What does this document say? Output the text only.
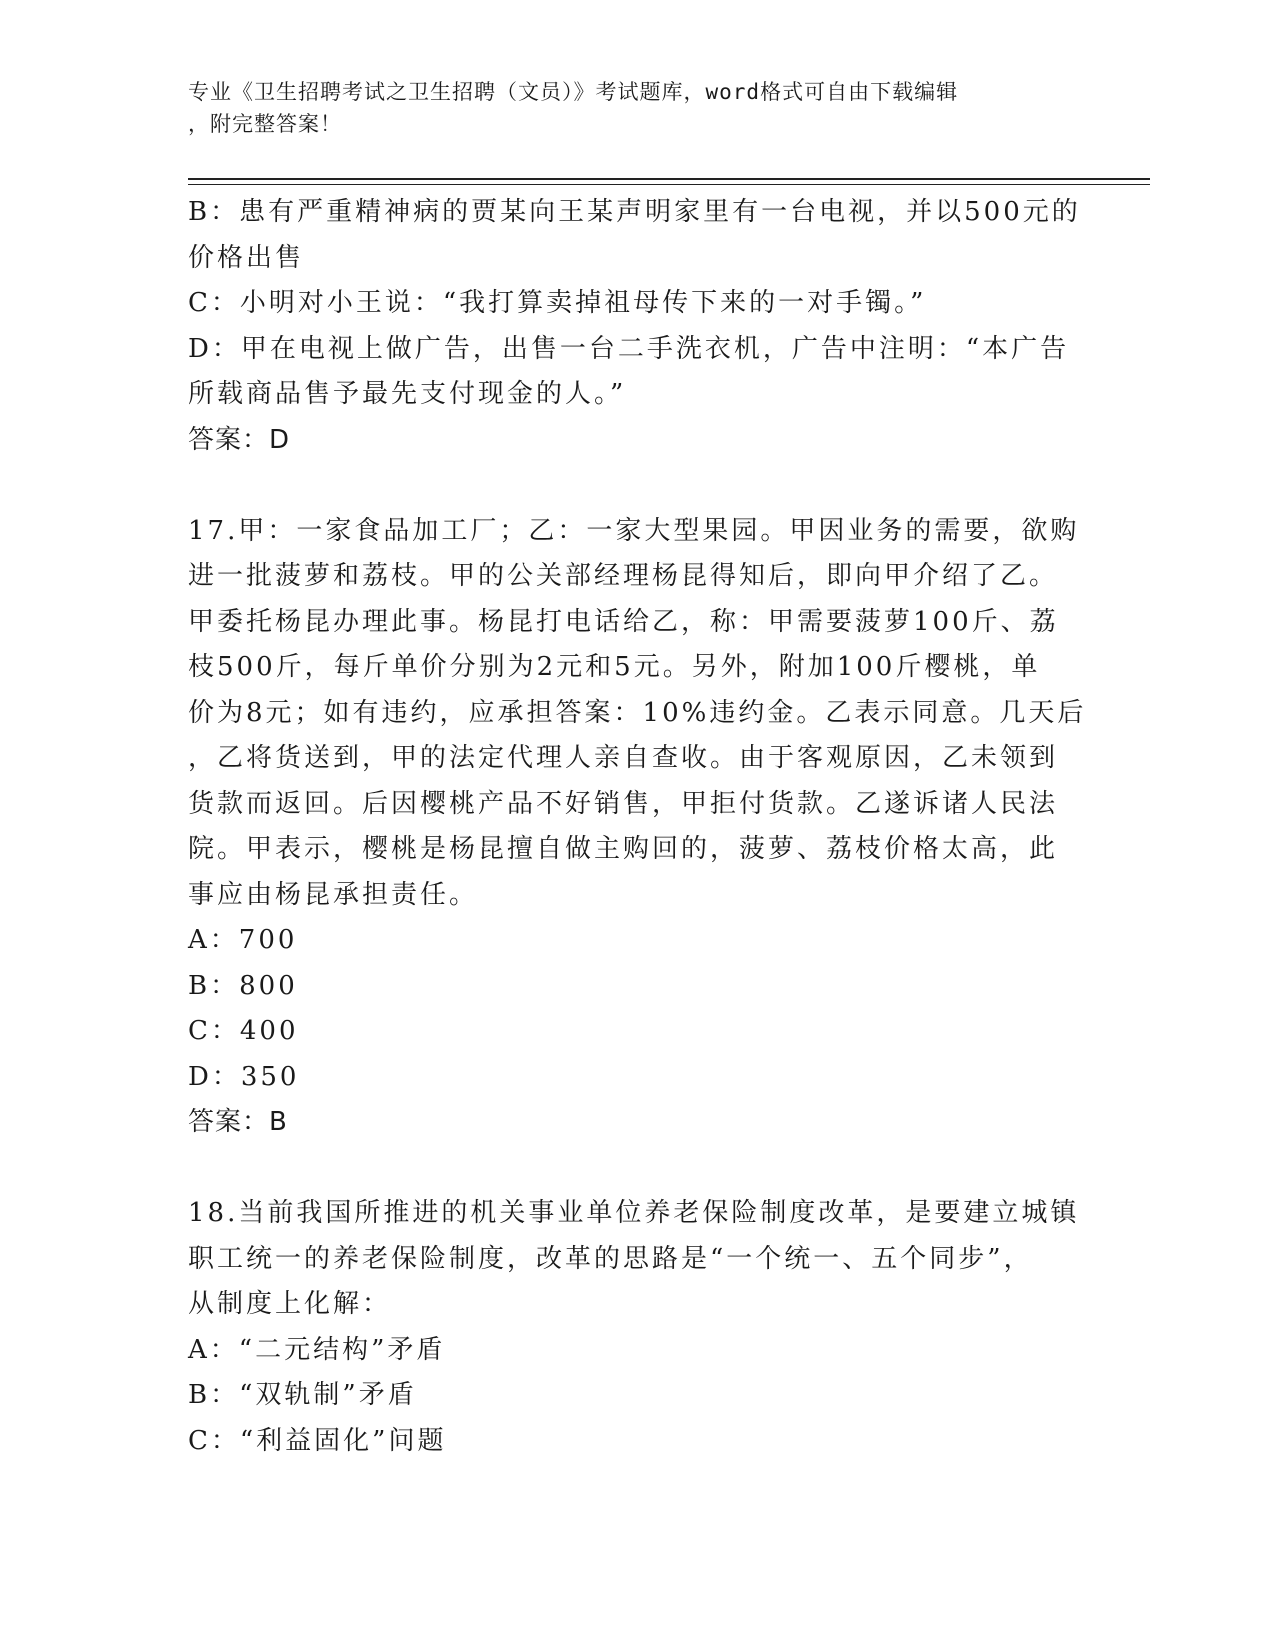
专业《卫生招聘考试之卫生招聘（文员）》考试题库，word格式可自由下载编辑
，附完整答案！
B：患有严重精神病的贾某向王某声明家里有一台电视，并以500元的
价格出售
C：小明对小王说：“我打算卖掉祖母传下来的一对手镯。”
D：甲在电视上做广告，出售一台二手洗衣机，广告中注明：“本广告
所载商品售予最先支付现金的人。”
答案：D
17.甲：一家食品加工厂；乙：一家大型果园。甲因业务的需要，欲购
进一批菠萝和荔枝。甲的公关部经理杨昆得知后，即向甲介绍了乙。
甲委托杨昆办理此事。杨昆打电话给乙，称：甲需要菠萝100斤、荔
枝500斤，每斤单价分别为2元和5元。另外，附加100斤樱桃，单
价为8元；如有违约，应承担答案：10%违约金。乙表示同意。几天后
，乙将货送到，甲的法定代理人亲自查收。由于客观原因，乙未领到
货款而返回。后因樱桃产品不好销售，甲拒付货款。乙遂诉诸人民法
院。甲表示，樱桃是杨昆擅自做主购回的，菠萝、荔枝价格太高，此
事应由杨昆承担责任。
A：700
B：800
C：400
D：350
答案：B
18.当前我国所推进的机关事业单位养老保险制度改革，是要建立城镇
职工统一的养老保险制度，改革的思路是“一个统一、五个同步”，
从制度上化解：
A：“二元结构”矛盾
B：“双轨制”矛盾
C：“利益固化”问题
